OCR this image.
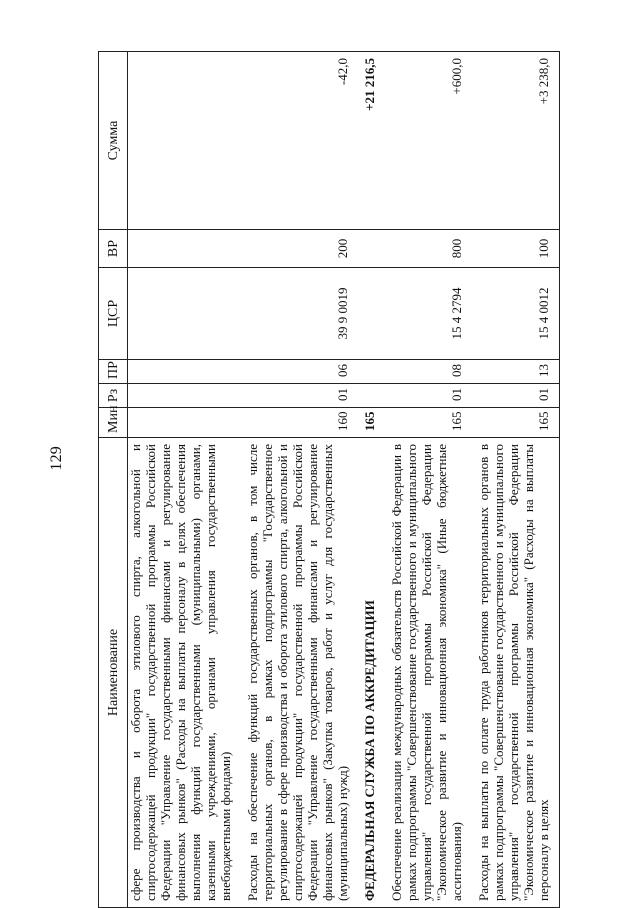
129
Наименование	Мин	Рз	ПР	ЦСР	ВР	Сумма
сфере производства и оборота этилового спирта, алкогольной и спиртосодержащей продукции" государственной программы Российской Федерации "Управление государственными финансами и регулирование финансовых рынков" (Расходы на выплаты персоналу в целях обеспечения выполнения функций государственными (муниципальными) органами, казенными учреждениями, органами управления государственными внебюджетными фондами)						
Расходы на обеспечение функций государственных органов, в том числе территориальных органов, в рамках подпрограммы "Государственное регулирование в сфере производства и оборота этилового спирта, алкогольной и спиртосодержащей продукции" государственной программы Российской Федерации "Управление государственными финансами и регулирование финансовых рынков" (Закупка товаров, работ и услуг для государственных (муниципальных) нужд)	160	01	06	39 9 0019	200	-42,0
ФЕДЕРАЛЬНАЯ СЛУЖБА ПО АККРЕДИТАЦИИ	165					+21 216,5
Обеспечение реализации международных обязательств Российской Федерации в рамках подпрограммы "Совершенствование государственного и муниципального управления" государственной программы Российской Федерации "Экономическое развитие и инновационная экономика" (Иные бюджетные ассигнования)	165	01	08	15 4 2794	800	+600,0
Расходы на выплаты по оплате труда работников территориальных органов в рамках подпрограммы "Совершенствование государственного и муниципального управления" государственной программы Российской Федерации "Экономическое развитие и инновационная экономика" (Расходы на выплаты персоналу в целях	165	01	13	15 4 0012	100	+3 238,0
